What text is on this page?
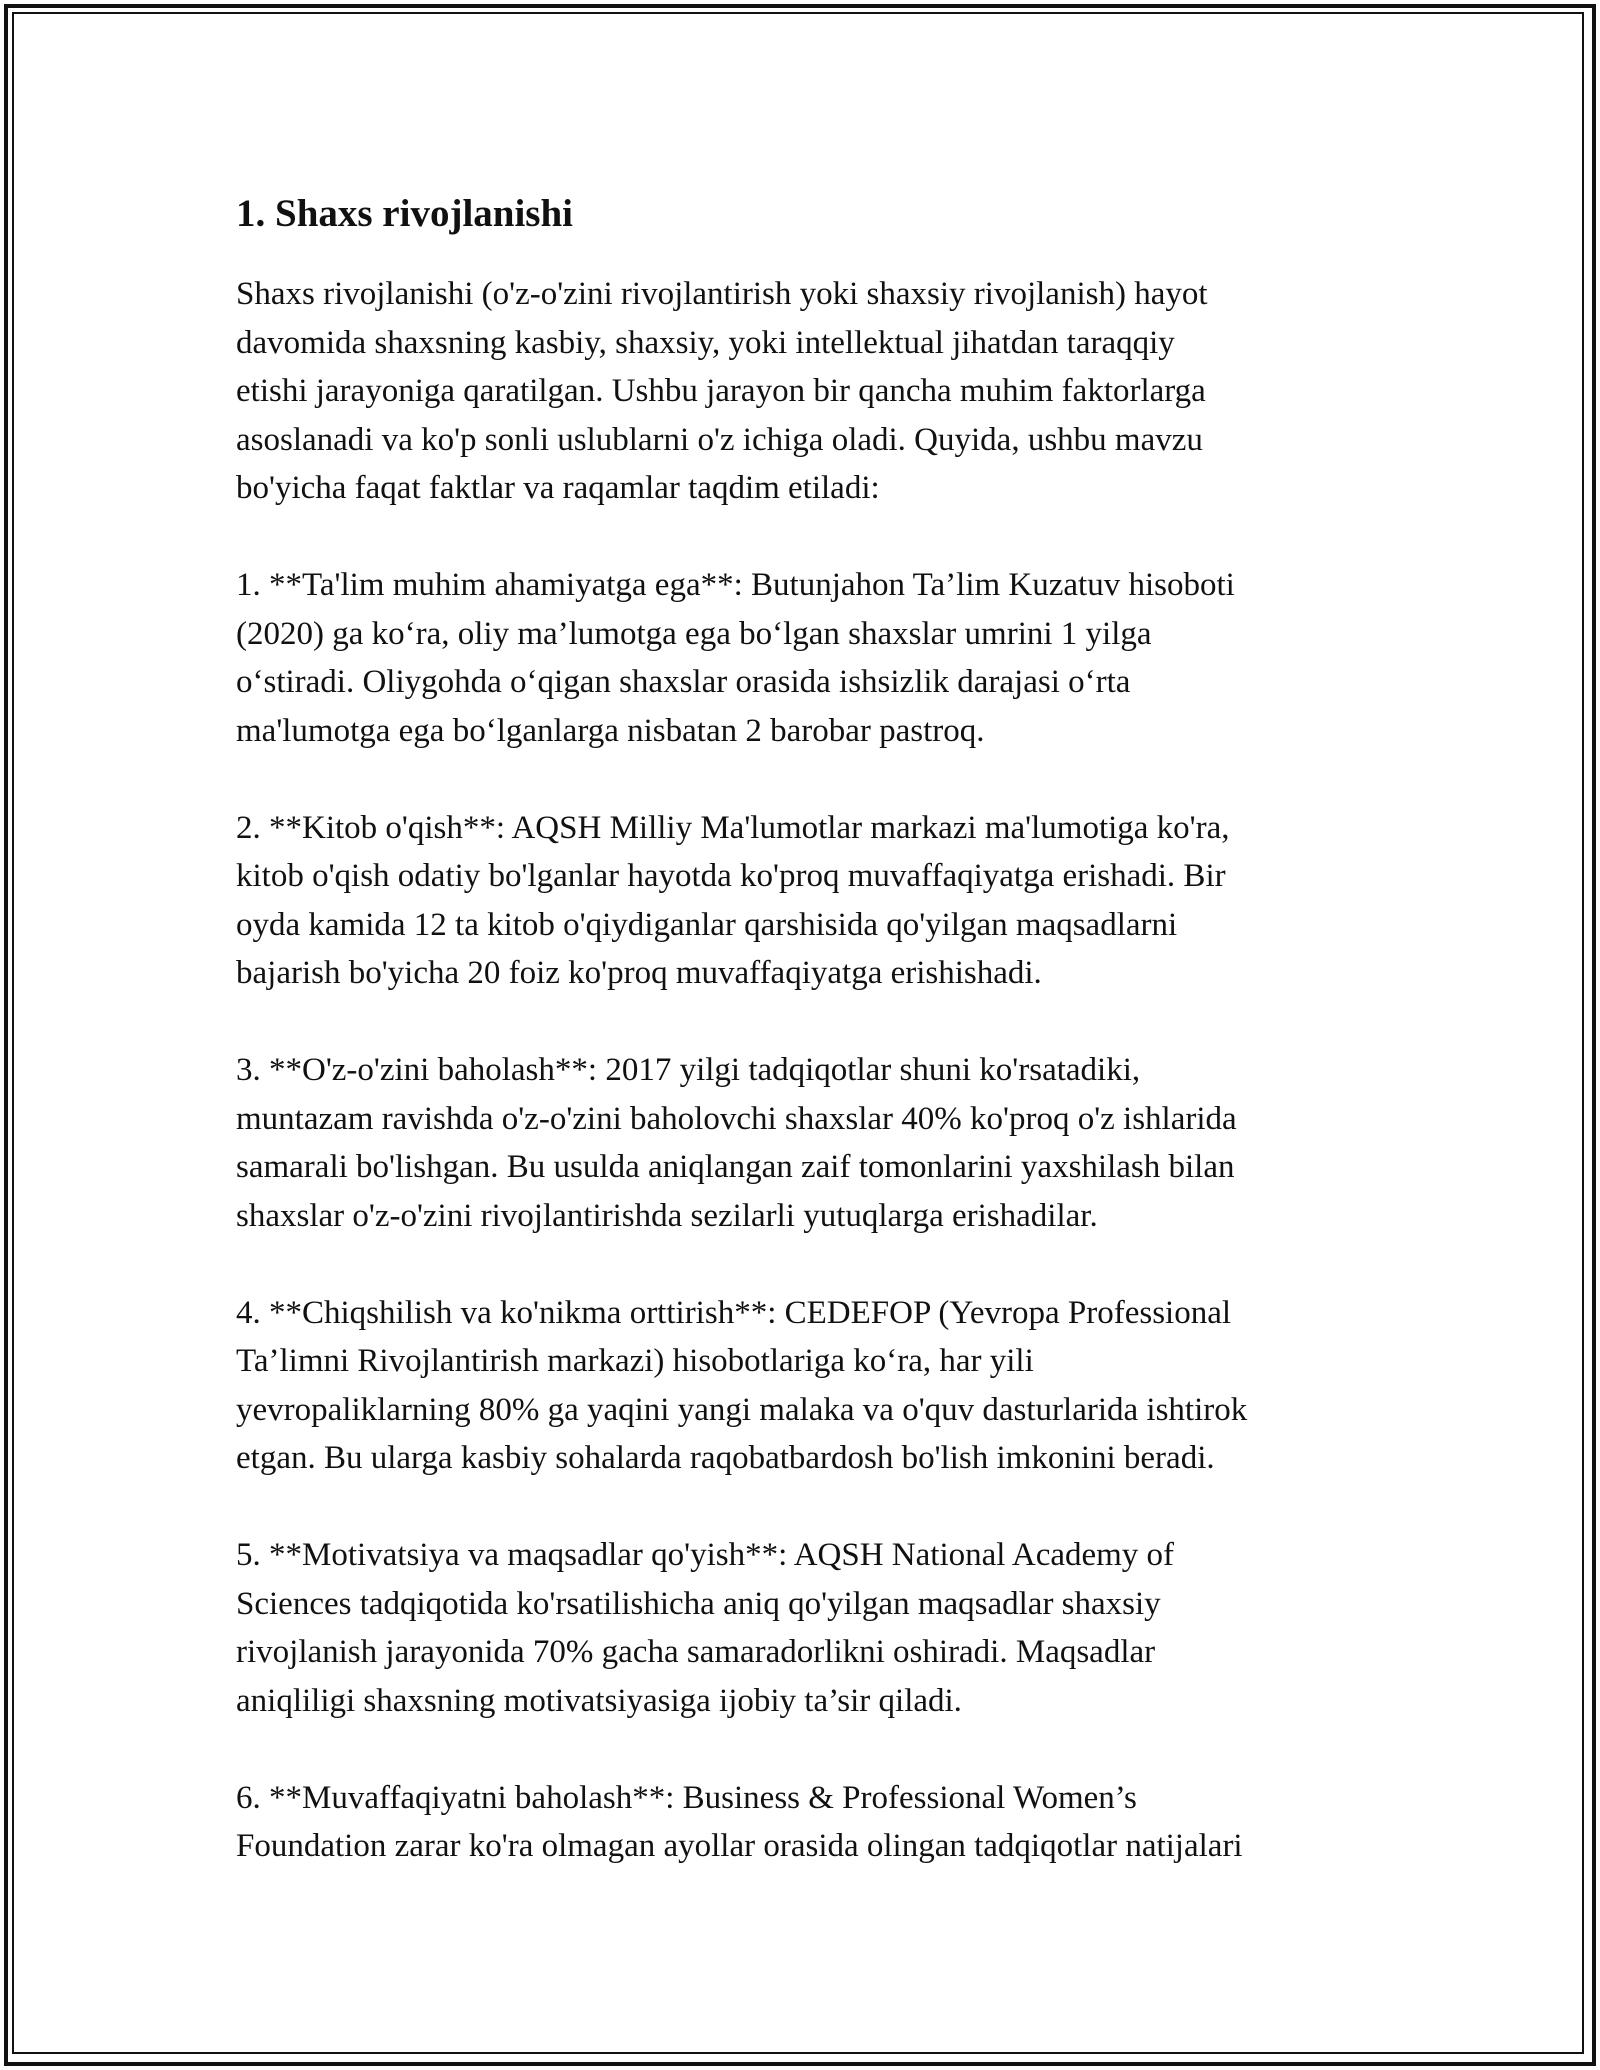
1. Shaxs rivojlanishi
Shaxs rivojlanishi (o'z-o'zini rivojlantirish yoki shaxsiy rivojlanish) hayot
davomida shaxsning kasbiy, shaxsiy, yoki intellektual jihatdan taraqqiy
etishi jarayoniga qaratilgan. Ushbu jarayon bir qancha muhim faktorlarga
asoslanadi va ko'p sonli uslublarni o'z ichiga oladi. Quyida, ushbu mavzu
bo'yicha faqat faktlar va raqamlar taqdim etiladi:
1. **Ta'lim muhim ahamiyatga ega**: Butunjahon Ta’lim Kuzatuv hisoboti
(2020) ga ko‘ra, oliy ma’lumotga ega bo‘lgan shaxslar umrini 1 yilga
o‘stiradi. Oliygohda o‘qigan shaxslar orasida ishsizlik darajasi o‘rta
ma'lumotga ega bo‘lganlarga nisbatan 2 barobar pastroq.
2. **Kitob o'qish**: AQSH Milliy Ma'lumotlar markazi ma'lumotiga ko'ra,
kitob o'qish odatiy bo'lganlar hayotda ko'proq muvaffaqiyatga erishadi. Bir
oyda kamida 12 ta kitob o'qiydiganlar qarshisida qo'yilgan maqsadlarni
bajarish bo'yicha 20 foiz ko'proq muvaffaqiyatga erishishadi.
3. **O'z-o'zini baholash**: 2017 yilgi tadqiqotlar shuni ko'rsatadiki,
muntazam ravishda o'z-o'zini baholovchi shaxslar 40% ko'proq o'z ishlarida
samarali bo'lishgan. Bu usulda aniqlangan zaif tomonlarini yaxshilash bilan
shaxslar o'z-o'zini rivojlantirishda sezilarli yutuqlarga erishadilar.
4. **Chiqshilish va ko'nikma orttirish**: CEDEFOP (Yevropa Professional
Ta’limni Rivojlantirish markazi) hisobotlariga ko‘ra, har yili
yevropaliklarning 80% ga yaqini yangi malaka va o'quv dasturlarida ishtirok
etgan. Bu ularga kasbiy sohalarda raqobatbardosh bo'lish imkonini beradi.
5. **Motivatsiya va maqsadlar qo'yish**: AQSH National Academy of
Sciences tadqiqotida ko'rsatilishicha aniq qo'yilgan maqsadlar shaxsiy
rivojlanish jarayonida 70% gacha samaradorlikni oshiradi. Maqsadlar
aniqliligi shaxsning motivatsiyasiga ijobiy ta’sir qiladi.
6. **Muvaffaqiyatni baholash**: Business & Professional Women’s
Foundation zarar ko'ra olmagan ayollar orasida olingan tadqiqotlar natijalari
